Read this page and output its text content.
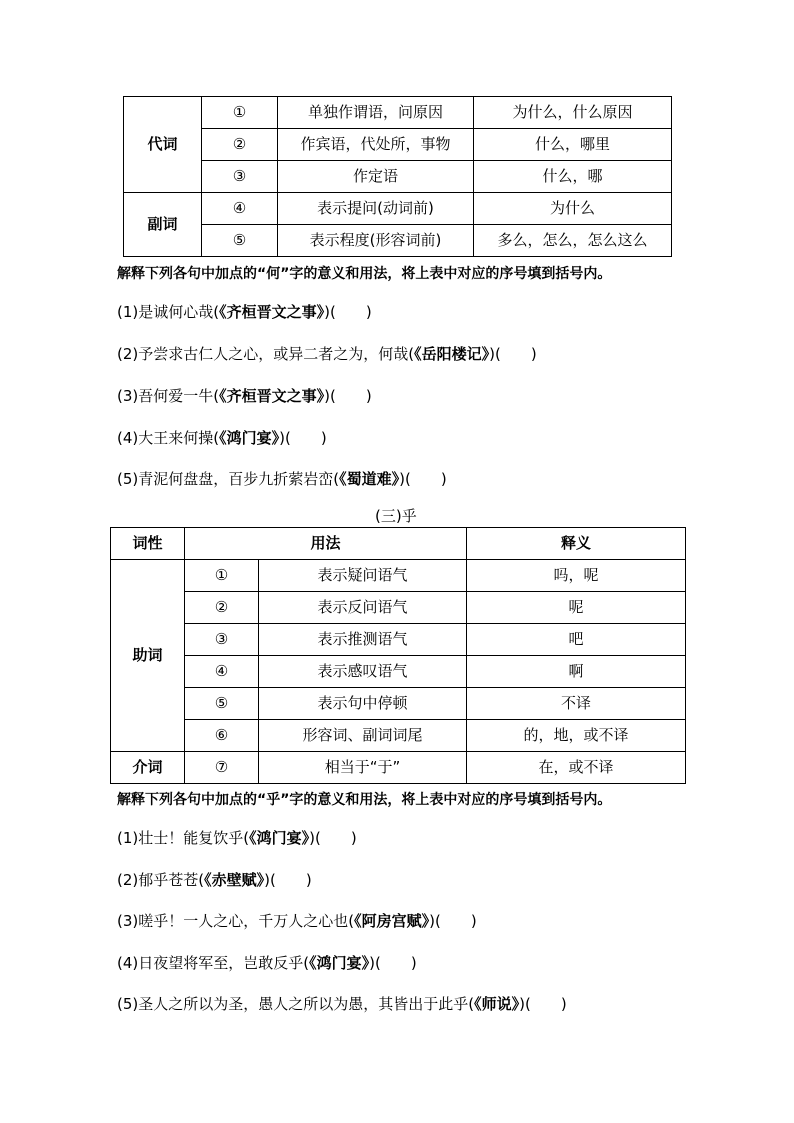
代词	①	单独作谓语，问原因	为什么，什么原因
	②	作宾语，代处所，事物	什么，哪里
	③	作定语	什么，哪
副词	④	表示提问(动词前)	为什么
	⑤	表示程度(形容词前)	多么，怎么，怎么这么
解释下列各句中加点的“何”字的意义和用法，将上表中对应的序号填到括号内。
(1)是诚何心哉(《齐桓晋文之事》)(　　)
(2)予尝求古仁人之心，或异二者之为，何哉(《岳阳楼记》)(　　)
(3)吾何爱一牛(《齐桓晋文之事》)(　　)
(4)大王来何操(《鸿门宴》)(　　)
(5)青泥何盘盘，百步九折萦岩峦(《蜀道难》)(　　)
(三)乎
词性	用法		释义
助词	①	表示疑问语气	吗，呢
	②	表示反问语气	呢
	③	表示推测语气	吧
	④	表示感叹语气	啊
	⑤	表示句中停顿	不译
	⑥	形容词、副词词尾	的，地，或不译
介词	⑦	相当于“于”	在，或不译
解释下列各句中加点的“乎”字的意义和用法，将上表中对应的序号填到括号内。
(1)壮士！能复饮乎(《鸿门宴》)(　　)
(2)郁乎苍苍(《赤壁赋》)(　　)
(3)嗟乎！一人之心，千万人之心也(《阿房宫赋》)(　　)
(4)日夜望将军至，岂敢反乎(《鸿门宴》)(　　)
(5)圣人之所以为圣，愚人之所以为愚，其皆出于此乎(《师说》)(　　)
